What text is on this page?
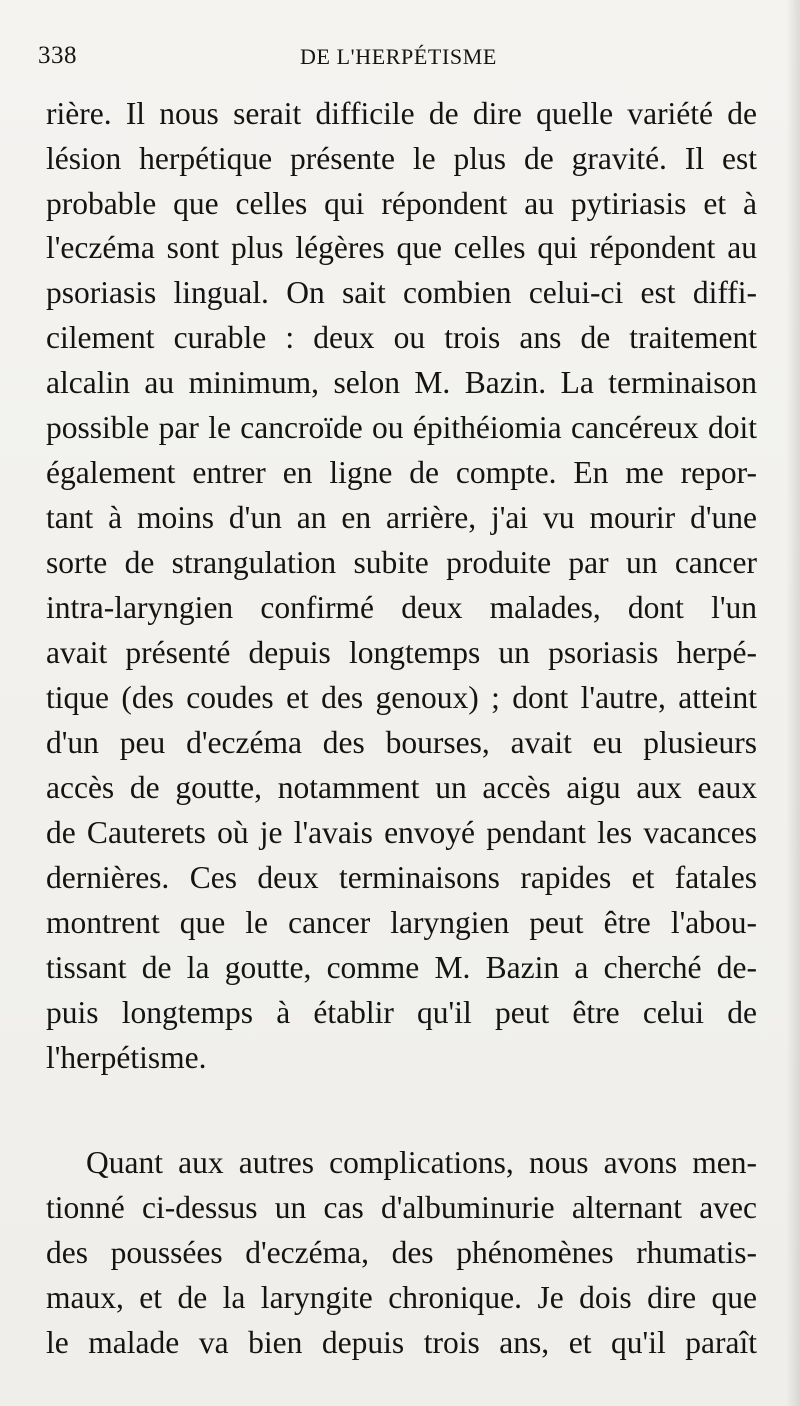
338	DE L'HERPÉTISME
rière. Il nous serait difficile de dire quelle variété de
lésion herpétique présente le plus de gravité. Il est
probable que celles qui répondent au pytiriasis et à
l'eczéma sont plus légères que celles qui répondent au
psoriasis lingual. On sait combien celui-ci est diffi-
cilement curable : deux ou trois ans de traitement
alcalin au minimum, selon M. Bazin. La terminaison
possible par le cancroïde ou épithéiomia cancéreux doit
également entrer en ligne de compte. En me repor-
tant à moins d'un an en arrière, j'ai vu mourir d'une
sorte de strangulation subite produite par un cancer
intra-laryngien confirmé deux malades, dont l'un
avait présenté depuis longtemps un psoriasis herpé-
tique (des coudes et des genoux) ; dont l'autre, atteint
d'un peu d'eczéma des bourses, avait eu plusieurs
accès de goutte, notamment un accès aigu aux eaux
de Cauterets où je l'avais envoyé pendant les vacances
dernières. Ces deux terminaisons rapides et fatales
montrent que le cancer laryngien peut être l'abou-
tissant de la goutte, comme M. Bazin a cherché de-
puis longtemps à établir qu'il peut être celui de
l'herpétisme.
Quant aux autres complications, nous avons men-
tionné ci-dessus un cas d'albuminurie alternant avec
des poussées d'eczéma, des phénomènes rhumatis-
maux, et de la laryngite chronique. Je dois dire que
le malade va bien depuis trois ans, et qu'il paraît
